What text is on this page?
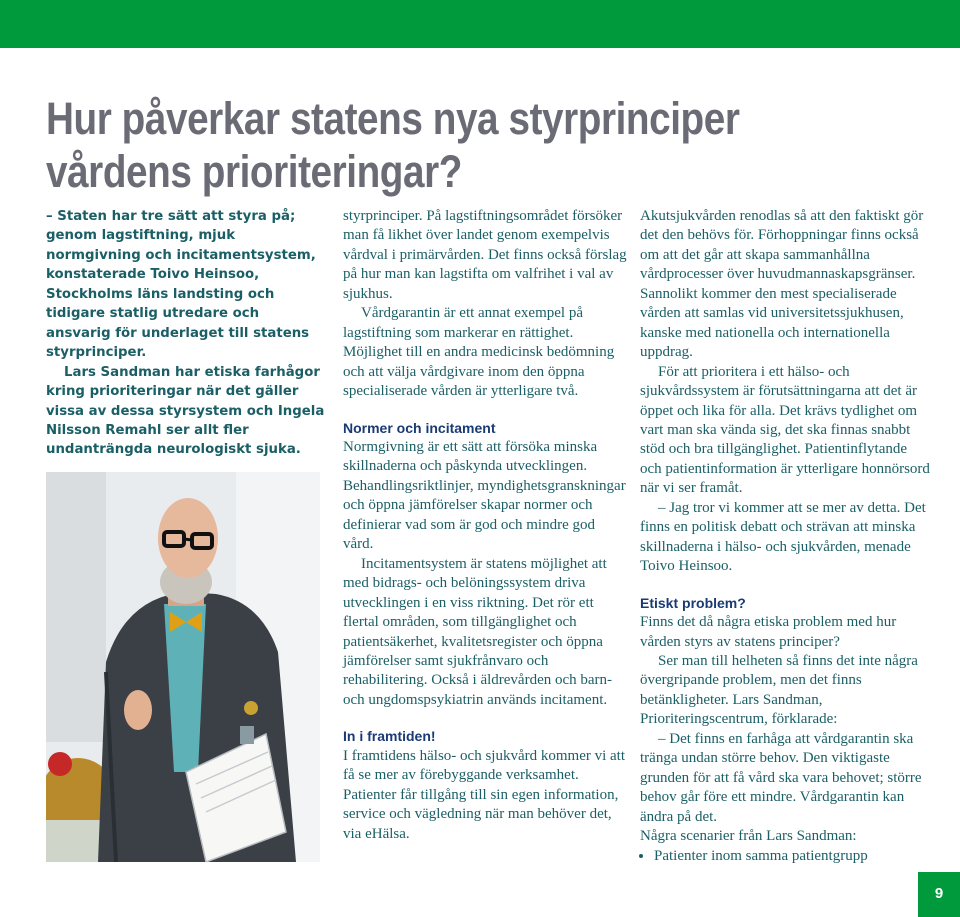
Hur påverkar statens nya styrprinciper
vårdens prioriteringar?

– Staten har tre sätt att styra på; genom lagstiftning, mjuk normgivning och incitamentsystem, konstaterade Toivo Heinsoo, Stockholms läns landsting och tidigare statlig utredare och ansvarig för underlaget till statens styrprinciper.

Lars Sandman har etiska farhågor kring prioriteringar när det gäller vissa av dessa styrsystem och Ingela Nilsson Remahl ser allt fler undanträngda neurologiskt sjuka.

styrprinciper. På lagstiftningsområdet försöker man få likhet över landet genom exempelvis vårdval i primärvården. Det finns också förslag på hur man kan lagstifta om valfrihet i val av sjukhus.

Vårdgarantin är ett annat exempel på lagstiftning som markerar en rättighet. Möjlighet till en andra medicinsk bedömning och att välja vårdgivare inom den öppna specialiserade vården är ytterligare två.

Normer och incitament

Normgivning är ett sätt att försöka minska skillnaderna och påskynda utvecklingen. Behandlingsriktlinjer, myndighetsgranskningar och öppna jämförelser skapar normer och definierar vad som är god och mindre god vård.

Incitamentsystem är statens möjlighet att med bidrags- och belöningssystem driva utvecklingen i en viss riktning. Det rör ett flertal områden, som tillgänglighet och patientsäkerhet, kvalitetsregister och öppna jämförelser samt sjukfrånvaro och rehabilitering. Också i äldrevården och barn- och ungdomspsykiatrin används incitament.

In i framtiden!

I framtidens hälso- och sjukvård kommer vi att få se mer av förebyggande verksamhet. Patienter får tillgång till sin egen information, service och vägledning när man behöver det, via eHälsa.

Akutsjukvården renodlas så att den faktiskt gör det den behövs för. Förhoppningar finns också om att det går att skapa sammanhållna vårdprocesser över huvudmannaskapsgränser. Sannolikt kommer den mest specialiserade vården att samlas vid universitetssjukhusen, kanske med nationella och internationella uppdrag.

För att prioritera i ett hälso- och sjukvårdssystem är förutsättningarna att det är öppet och lika för alla. Det krävs tydlighet om vart man ska vända sig, det ska finnas snabbt stöd och bra tillgänglighet. Patientinflytande och patientinformation är ytterligare honnörsord när vi ser framåt.

– Jag tror vi kommer att se mer av detta. Det finns en politisk debatt och strävan att minska skillnaderna i hälso- och sjukvården, menade Toivo Heinsoo.

Etiskt problem?

Finns det då några etiska problem med hur vården styrs av statens principer?

Ser man till helheten så finns det inte några övergripande problem, men det finns betänkligheter. Lars Sandman, Prioriteringscentrum, förklarade:

– Det finns en farhåga att vårdgarantin ska tränga undan större behov. Den viktigaste grunden för att få vård ska vara behovet; större behov går före ett mindre. Vårdgarantin kan ändra på det.

Några scenarier från Lars Sandman:

• Patienter inom samma patientgrupp
9
